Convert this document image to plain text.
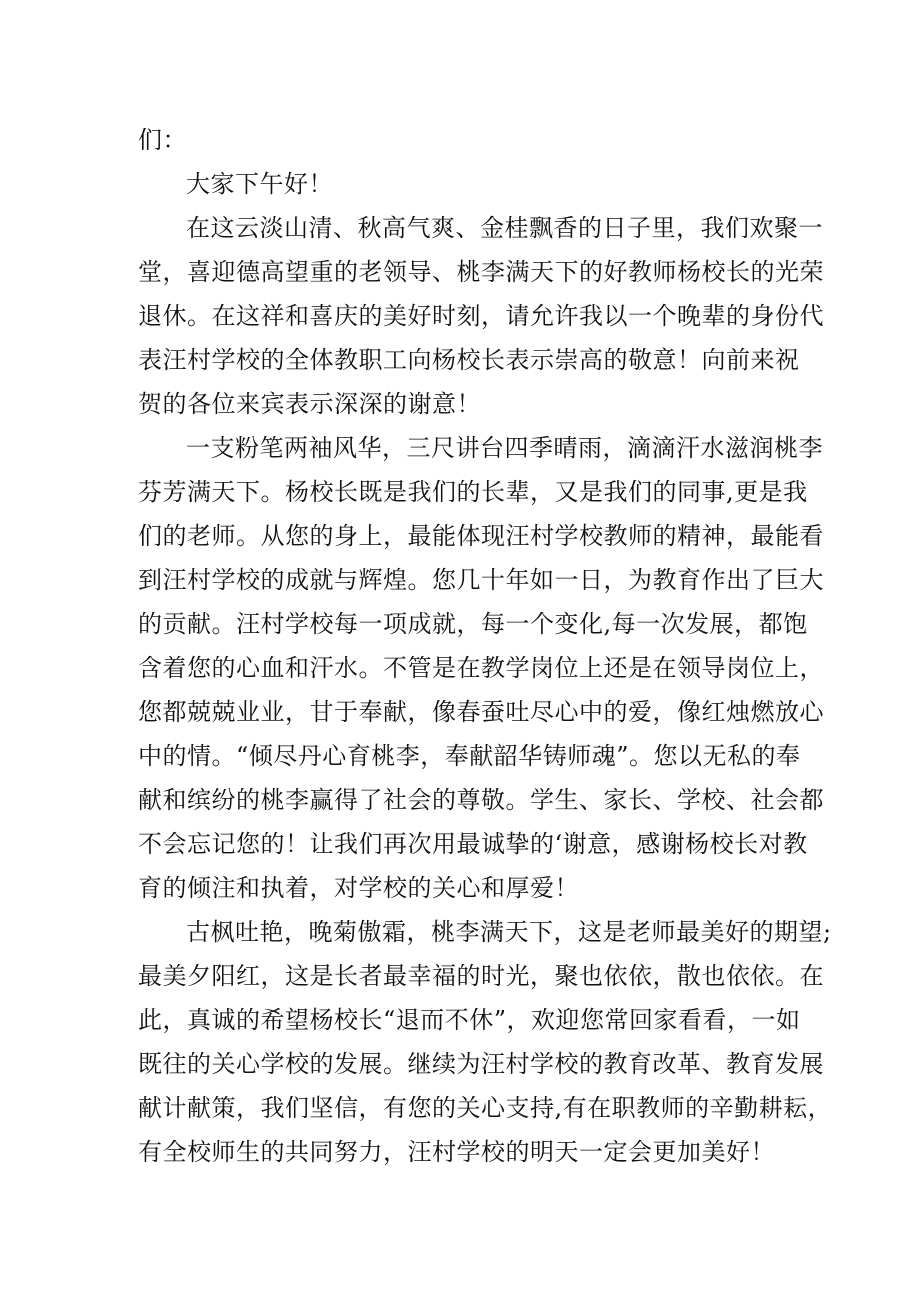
们：
大家下午好！
在这云淡山清、秋高气爽、金桂飘香的日子里，我们欢聚一
堂，喜迎德高望重的老领导、桃李满天下的好教师杨校长的光荣
退休。在这祥和喜庆的美好时刻，请允许我以一个晚辈的身份代
表汪村学校的全体教职工向杨校长表示崇高的敬意！向前来祝
贺的各位来宾表示深深的谢意！
一支粉笔两袖风华，三尺讲台四季晴雨，滴滴汗水滋润桃李
芬芳满天下。杨校长既是我们的长辈，又是我们的同事,更是我
们的老师。从您的身上，最能体现汪村学校教师的精神，最能看
到汪村学校的成就与辉煌。您几十年如一日，为教育作出了巨大
的贡献。汪村学校每一项成就，每一个变化,每一次发展，都饱
含着您的心血和汗水。不管是在教学岗位上还是在领导岗位上，
您都兢兢业业，甘于奉献，像春蚕吐尽心中的爱，像红烛燃放心
中的情。“倾尽丹心育桃李，奉献韶华铸师魂”。您以无私的奉
献和缤纷的桃李赢得了社会的尊敬。学生、家长、学校、社会都
不会忘记您的！让我们再次用最诚挚的‘谢意，感谢杨校长对教
育的倾注和执着，对学校的关心和厚爱！
古枫吐艳，晚菊傲霜，桃李满天下，这是老师最美好的期望;
最美夕阳红，这是长者最幸福的时光，聚也依依，散也依依。在
此，真诚的希望杨校长“退而不休”，欢迎您常回家看看，一如
既往的关心学校的发展。继续为汪村学校的教育改革、教育发展
献计献策，我们坚信，有您的关心支持,有在职教师的辛勤耕耘，
有全校师生的共同努力，汪村学校的明天一定会更加美好！
